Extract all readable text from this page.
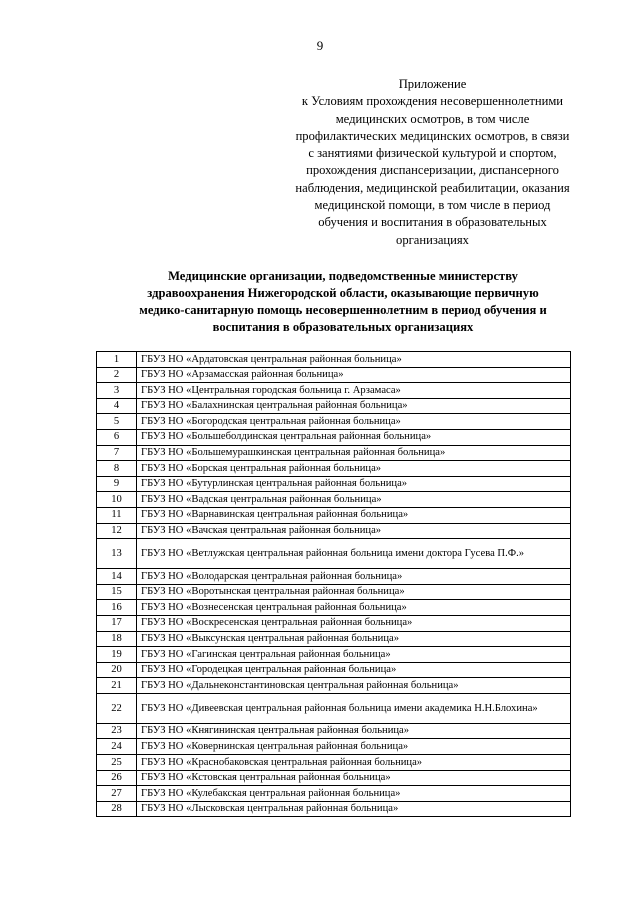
9
Приложение
к Условиям прохождения несовершеннолетними
медицинских осмотров, в том числе
профилактических медицинских осмотров, в связи
с занятиями физической культурой и спортом,
прохождения диспансеризации, диспансерного
наблюдения, медицинской реабилитации, оказания
медицинской помощи, в том числе в период
обучения и воспитания в образовательных
организациях
Медицинские организации, подведомственные министерству
здравоохранения Нижегородской области, оказывающие первичную
медико-санитарную помощь несовершеннолетним в период обучения и
воспитания в образовательных организациях
1	ГБУЗ НО «Ардатовская центральная районная больница»
2	ГБУЗ НО «Арзамасская районная больница»
3	ГБУЗ НО «Центральная городская больница г. Арзамаса»
4	ГБУЗ НО «Балахнинская центральная районная больница»
5	ГБУЗ НО «Богородская центральная районная больница»
6	ГБУЗ НО «Большеболдинская центральная районная больница»
7	ГБУЗ НО «Большемурашкинская центральная районная больница»
8	ГБУЗ НО «Борская центральная районная больница»
9	ГБУЗ НО «Бутурлинская центральная районная больница»
10	ГБУЗ НО «Вадская центральная районная больница»
11	ГБУЗ НО «Варнавинская центральная районная больница»
12	ГБУЗ НО «Вачская центральная районная больница»
13	ГБУЗ НО «Ветлужская центральная районная больница имени доктора Гусева П.Ф.»
14	ГБУЗ НО «Володарская центральная районная больница»
15	ГБУЗ НО «Воротынская центральная районная больница»
16	ГБУЗ НО «Вознесенская центральная районная больница»
17	ГБУЗ НО «Воскресенская центральная районная больница»
18	ГБУЗ НО «Выксунская центральная районная больница»
19	ГБУЗ НО «Гагинская центральная районная больница»
20	ГБУЗ НО «Городецкая центральная районная больница»
21	ГБУЗ НО «Дальнеконстантиновская центральная районная больница»
22	ГБУЗ НО «Дивеевская центральная районная больница имени академика Н.Н.Блохина»
23	ГБУЗ НО «Княгининская центральная районная больница»
24	ГБУЗ НО «Ковернинская центральная районная больница»
25	ГБУЗ НО «Краснобаковская центральная районная больница»
26	ГБУЗ НО «Кстовская центральная районная больница»
27	ГБУЗ НО «Кулебакская центральная районная больница»
28	ГБУЗ НО «Лысковская центральная районная больница»
